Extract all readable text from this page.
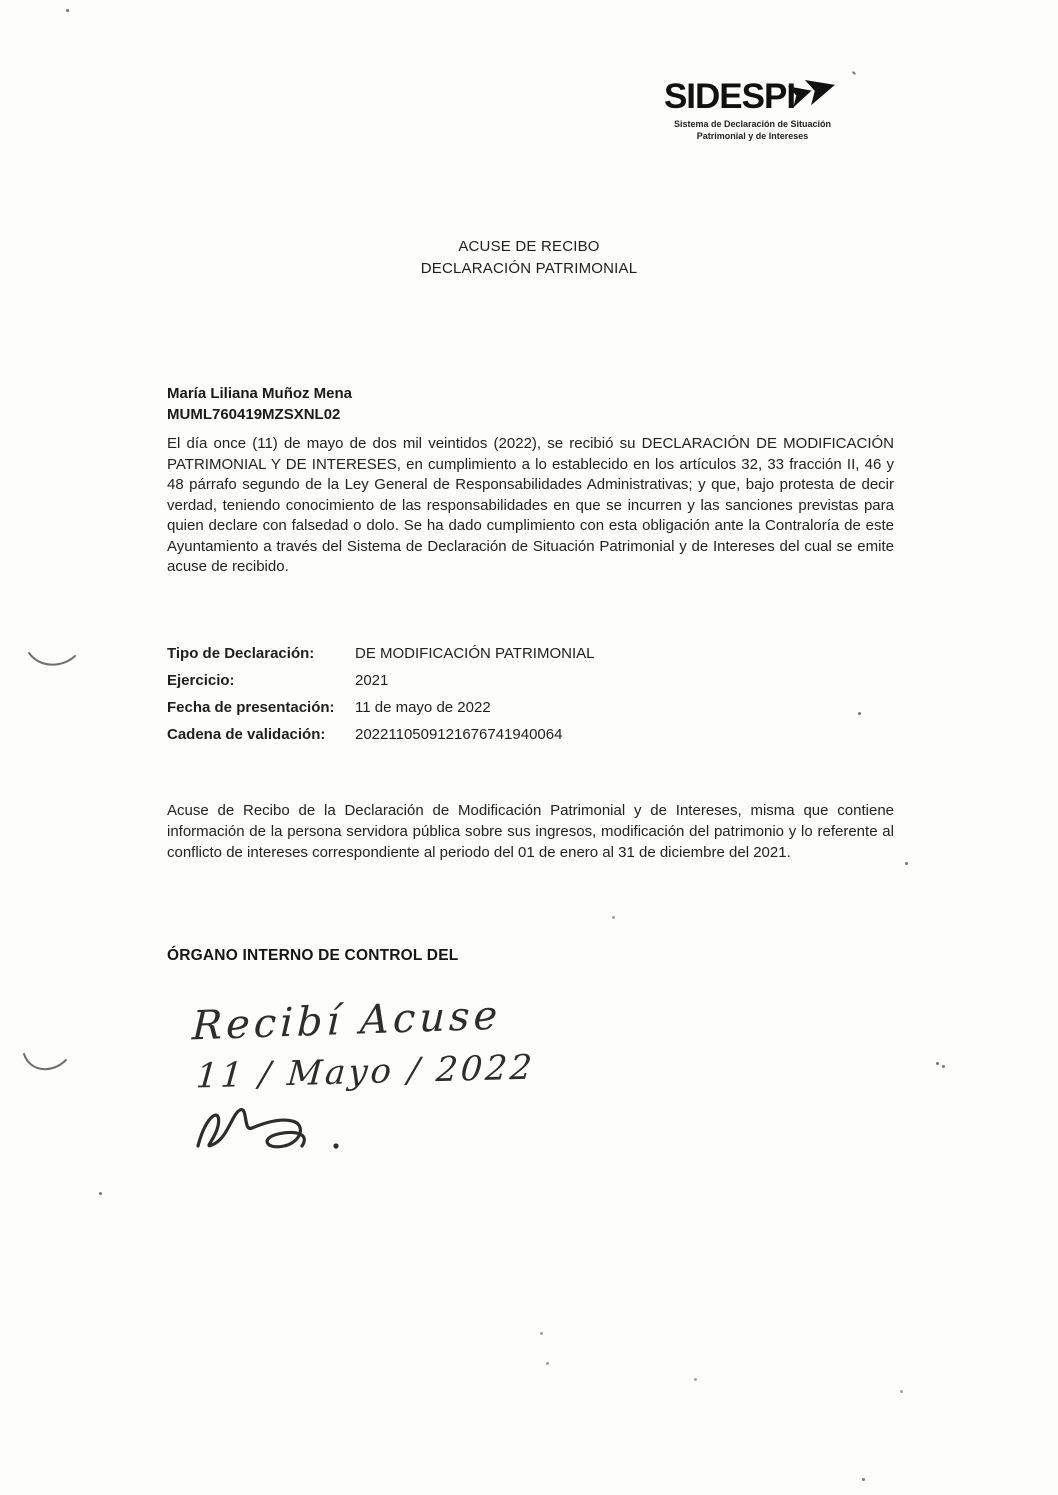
SIDESPI
Sistema de Declaración de Situación
Patrimonial y de Intereses
ACUSE DE RECIBO
DECLARACIÓN PATRIMONIAL
María Liliana Muñoz Mena
MUML760419MZSXNL02

El día once (11) de mayo de dos mil veintidos (2022), se recibió su DECLARACIÓN DE MODIFICACIÓN PATRIMONIAL Y DE INTERESES, en cumplimiento a lo establecido en los artículos 32, 33 fracción II, 46 y 48 párrafo segundo de la Ley General de Responsabilidades Administrativas; y que, bajo protesta de decir verdad, teniendo conocimiento de las responsabilidades en que se incurren y las sanciones previstas para quien declare con falsedad o dolo. Se ha dado cumplimiento con esta obligación ante la Contraloría de este Ayuntamiento a través del Sistema de Declaración de Situación Patrimonial y de Intereses del cual se emite acuse de recibido.

Tipo de Declaración:	DE MODIFICACIÓN PATRIMONIAL
Ejercicio:	2021
Fecha de presentación:	11 de mayo de 2022
Cadena de validación:	2022110509121676741940064

Acuse de Recibo de la Declaración de Modificación Patrimonial y de Intereses, misma que contiene información de la persona servidora pública sobre sus ingresos, modificación del patrimonio y lo referente al conflicto de intereses correspondiente al periodo del 01 de enero al 31 de diciembre del 2021.

ÓRGANO INTERNO DE CONTROL DEL
Recibí Acuse
11 / Mayo / 2022
